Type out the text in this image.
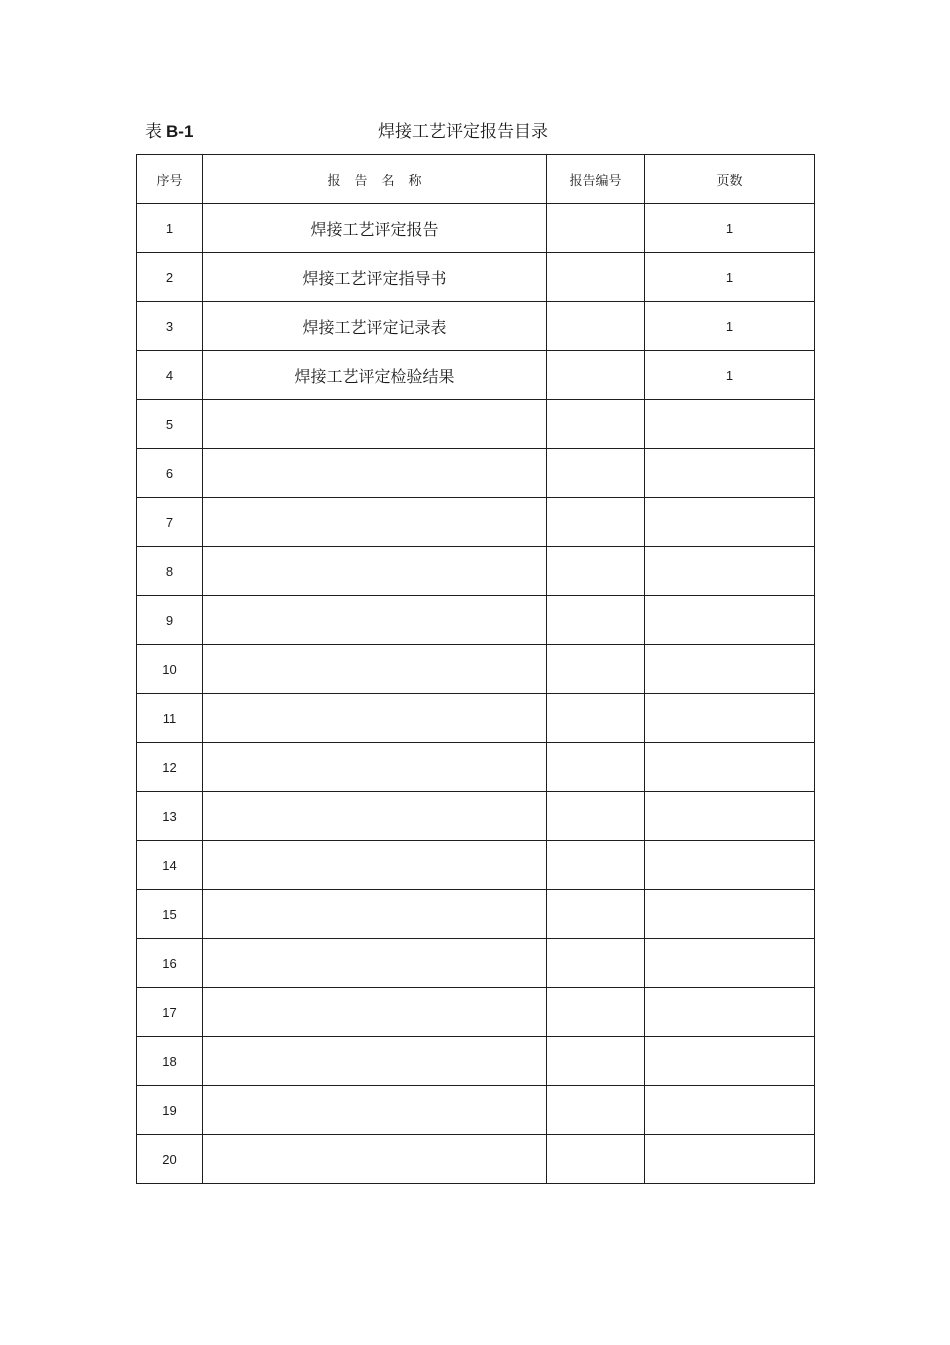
表 B-1	焊接工艺评定报告目录
序号	报告名称	报告编号	页数
1	焊接工艺评定报告		1
2	焊接工艺评定指导书		1
3	焊接工艺评定记录表		1
4	焊接工艺评定检验结果		1
5			
6			
7			
8			
9			
10			
11			
12			
13			
14			
15			
16			
17			
18			
19			
20			
